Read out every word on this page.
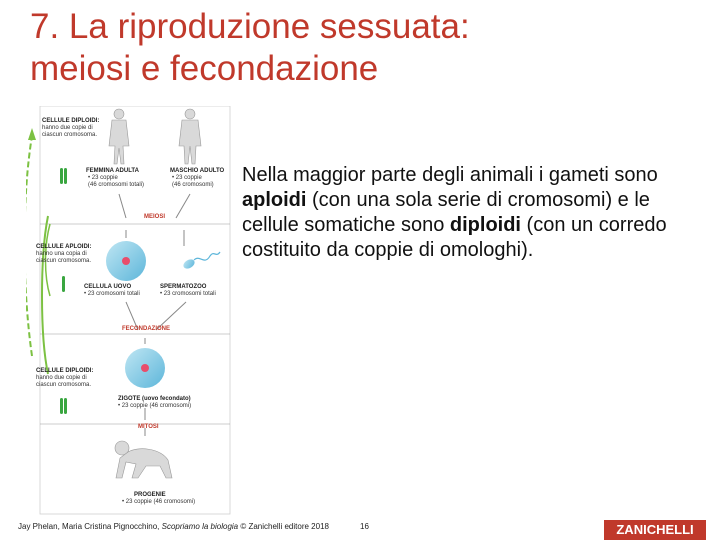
7. La riproduzione sessuata:
meiosi e fecondazione
Nella maggior parte degli animali i gameti sono aploidi (con una sola serie di cromosomi) e le cellule somatiche sono diploidi (con un corredo costituito da coppie di omologhi).
CELLULE DIPLOIDI:
hanno due copie di
ciascun cromosoma.
FEMMINA ADULTA
• 23 coppie
(46 cromosomi totali)
MASCHIO ADULTO
• 23 coppie
(46 cromosomi)
MEIOSI
CELLULE APLOIDI:
hanno una copia di
ciascun cromosoma.
CELLULA UOVO
• 23 cromosomi totali
SPERMATOZOO
• 23 cromosomi totali
FECONDAZIONE
CELLULE DIPLOIDI:
hanno due copie di
ciascun cromosoma.
ZIGOTE (uovo fecondato)
• 23 coppie (46 cromosomi)
MITOSI
PROGENIE
• 23 coppie (46 cromosomi)
Jay Phelan, Maria Cristina Pignocchino, Scopriamo la biologia © Zanichelli editore 2018	16	ZANICHELLI
